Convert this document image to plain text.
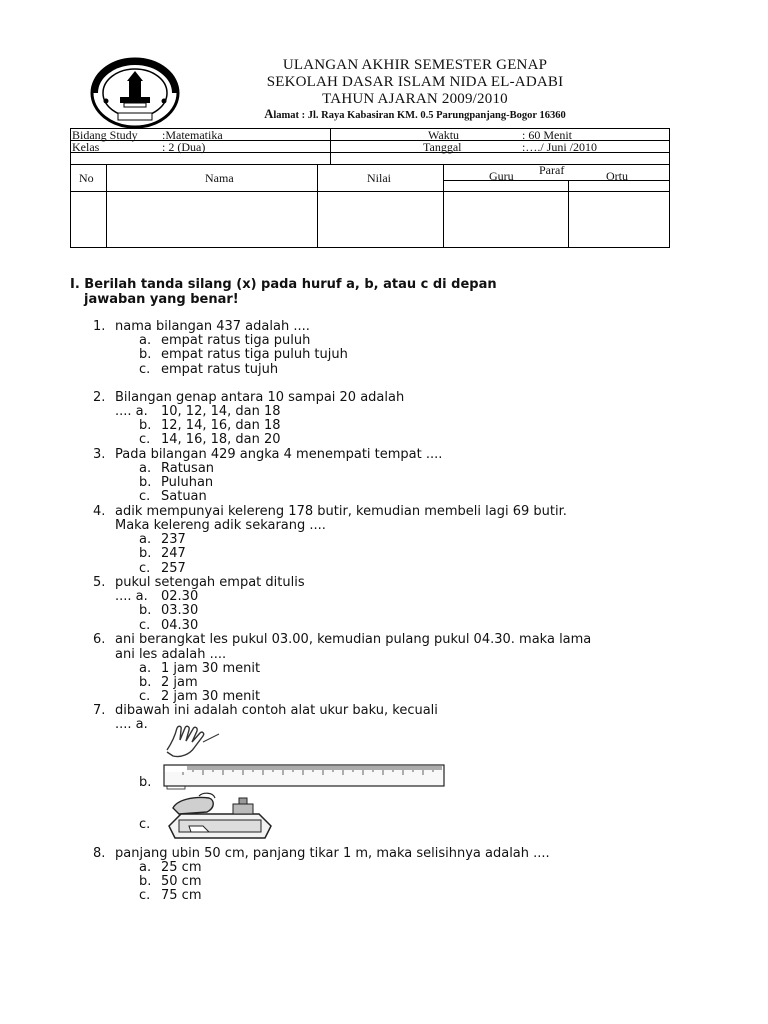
ULANGAN AKHIR SEMESTER GENAP
SEKOLAH DASAR ISLAM NIDA EL-ADABI
TAHUN AJARAN 2009/2010
Alamat : Jl. Raya Kabasiran KM. 0.5 Parungpanjang-Bogor 16360
Bidang Study :Matematika	Waktu	: 60 Menit
Kelas	: 2 (Dua)	Tanggal	:…./ Juni /2010
No	Nama	Nilai
Paraf
Guru	Ortu
I. Berilah tanda silang (x) pada huruf a, b, atau c di depan
jawaban yang benar!
1. nama bilangan 437 adalah ....
a. empat ratus tiga puluh
b. empat ratus tiga puluh tujuh
c. empat ratus tujuh
2. Bilangan genap antara 10 sampai 20 adalah
.... a. 10, 12, 14, dan 18
b. 12, 14, 16, dan 18
c. 14, 16, 18, dan 20
3. Pada bilangan 429 angka 4 menempati tempat ....
a. Ratusan
b. Puluhan
c. Satuan
4. adik mempunyai kelereng 178 butir, kemudian membeli lagi 69 butir.
Maka kelereng adik sekarang ....
a. 237
b. 247
c. 257
5. pukul setengah empat ditulis
.... a. 02.30
b. 03.30
c. 04.30
6. ani berangkat les pukul 03.00, kemudian pulang pukul 04.30. maka lama
ani les adalah ....
a. 1 jam 30 menit
b. 2 jam
c. 2 jam 30 menit
7. dibawah ini adalah contoh alat ukur baku, kecuali
.... a.
b.
c.
8. panjang ubin 50 cm, panjang tikar 1 m, maka selisihnya adalah ....
a. 25 cm
b. 50 cm
c. 75 cm
